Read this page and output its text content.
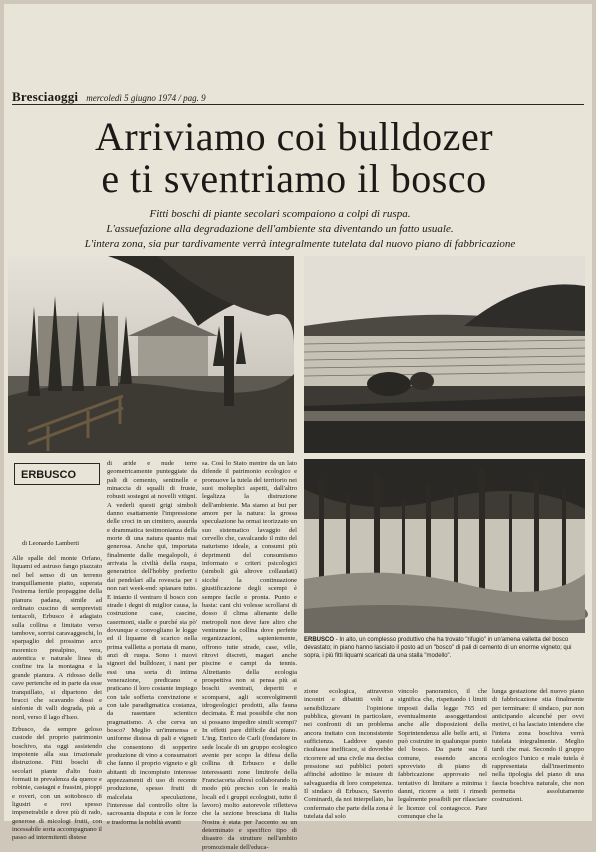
Bresciaoggi mercoledì 5 giugno 1974 / pag. 9
Arriviamo coi bulldozer
e ti sventriamo il bosco
Fitti boschi di piante secolari scompaiono a colpi di ruspa.
L'assuefazione alla degradazione dell'ambiente sta diventando un fatto usuale.
L'intera zona, sia pur tardivamente verrà integralmente tutelata dal nuovo piano di fabbricazione
ERBUSCO - In alto, un complesso produttivo che ha trovato "rifugio" in un'amena valletta del bosco devastato; in piano hanno lasciato il posto ad un "bosco" di pali di cemento di un enorme vigneto; qui sopra, i più fitti liquami scaricati da una stalla "modello".
ERBUSCO
di Leonardo Lamberti

Alle spalle del monte Orfano, liquami ed astruso fango piazzato nel bel senso di un terreno tranquillamente piatto, superata l'estrema fertile propaggine della pianura padana, simile ad ordinato cuscino di semprevisti tentacoli, Erbusco è adagiato sulla collina e limitato verso tambove, sorrisi caravaggeschi, lo sparpaglio del prossimo arco morenico prealpino, vera, autentica e naturale linea di confine tra la montagna e la grande pianura. A ridosso delle cave pertenche ed in parte da esse tranquillato, si dipartono dei bracci che scavando dossi e sinfonie di valli degrada, più a nord, verso il lago d'Iseo.

Erbusco, da sempre geloso custode del proprio patrimonio boschivo, sta oggi assistendo impotente alla sua irrazionale distruzione. Fitti boschi di secolari piante d'alto fusto formati in prevalenza da querce e robinie, castagni e frassini, pioppi e roveri, con un sottobosco di ligustri e rovi spesso impenetrabile e dove più di rado, generose di micologi frutti, con incessabile sorta accompagnano il passo ad intermitenti distese

di aride e nude terre geometricamente punteggiate da pali di cemento, sentinelle e minaccia di squalli di fruste, robusti sostegni ai novelli vitigni. A vederli questi grigi simboli danno esattamente l'impressione delle croci in un cimitero, assurda e drammatica testimonianza della morte di una natura quanto mai generosa. Anche qui, importata finalmente dalle megalopoli, è arrivata la civiltà della ruspa, generatrice dell'hobby preferito dai pendolari alla rovescia per i non rari week-end: spianare tutto. E intanto il ventraro il bosco con strade i degni di miglior causa, la costruzione case, cascine, casermoni, stalle e purché sia pò' dovunque e convogliano le logge ed il liquame di scarico nella prima vallletta a portata di mano, anzi di ruspa. Sono i nuovi signori del bulldozer, i nani per essi una sorta di intima venerazione, predicano e praticano il loro costante impiego con tale sofferta convinzione e con tale paradigmatica costanza, da rasentare scientico pragmatismo. A che cerva un bosco? Meglio un'immensa e uniforme distesa di pali e vigneti che consentono di sopperire produzione di vino a consumatori che fanno il proprio vigneto e gli abitanti di incompiuto interesse appezzamenti di uso di recente produzione, spesso frutti di malcelata speculazione, l'interesse dal controllo oltre la sacrosanta disputa e con le forze e trasforma la nobiltà avanti

sa. Così lo Stato mentre da un lato difende il patrimonio ecologico e promuove la tutela del territorio nei suoi molteplici aspetti, dall'altro legalizza la distruzione dell'ambiente. Ma siamo ai bui per amore per la natura: la grossa speculazione ha ormai teorizzato un suo sistematico lavaggio del cervello che, cavalcando il mito del naturismo ideale, a consumi più deprimenti del consumismo informato e criteri psicologici (simboli già altrove collaudati) sicché la continuazione giustificazione degli scempi è sempre facile e pronta. Punto e basta: cani chi volesse scrollarsi di dosso il clima alienante delle metropoli non deve fare altro che ventranne la collina dove perfette organizzazioni, sapientemente, offrono tutte strade, case, ville, ritrovi discreti, magari anche piscine e campi da tennis. Altrettanto della ecologia prospettiva non si pensa più ai boschi sventrati, deperiti e scomparsi, agli sconvolgimenti idrogeologici prodotti, alla fauna decimata. È mai possibile che non si possano impedire simili scempi? In effetti pare difficile dal piano. L'ing. Enrico de Carli (fondatore in sede locale di un gruppo ecologico avente per scopo la difesa della collina di Erbusco e delle interessanti zone limitrofe della Franciacorta altresì collaborando in modo più preciso con le realtà locali ed i gruppi ecologisti, tutto il lavoro) molto autorevole rifletteva che la sezione bresciana di Italia Nostra è stata per l'accento su un determinato e specifico tipo di disastro da strutture nell'ambito promozionale dell'educa-

zione ecologica, attraverso incontri e dibattiti volti a sensibilizzare l'opinione pubblica, giovani in particolare, nei confronti di un problema ancora trattato con inconsistente sufficienza. Laddove questo risultasse inefficace, si dovrebbe ricorrere ad una civile ma decisa pressione sui pubblici poteri affinché adottino le misure di salvaguardia di loro competenza. Il sindaco di Erbusco, Saverio Cominardi, da noi interpellato, ha confermato che parte della zona è tutelata dal solo

vincolo panoramico, il che significa che, rispettando i limiti imposti dalla legge 765 ed eventualmente assoggettandosi anche alle disposizioni della Soprintendenza alle belle arti, si può costruire in qualunque punto del bosco. Da parte sua il comune, essendo ancora sprovvisto di piano di fabbricazione approvato nel tentativo di limitare a minima i danni, ricorre a tetti i rimedi legalmente possibili per rilasciare le licenze col contagocce. Pare comunque che la

lunga gestazione del nuovo piano di fabbricazione stia finalmente per terminare: il sindaco, pur non anticipando alcunché per ovvi motivi, ci ha lasciato intendere che l'intera zona boschiva verrà tutelata integralmente. Meglio tardi che mai. Secondo il gruppo ecologico l'unico e reale tutela è rappresentata dall'inserimento nella tipologia del piano di una fascia boschiva naturale, che non permetta assolutamente costruzioni.
